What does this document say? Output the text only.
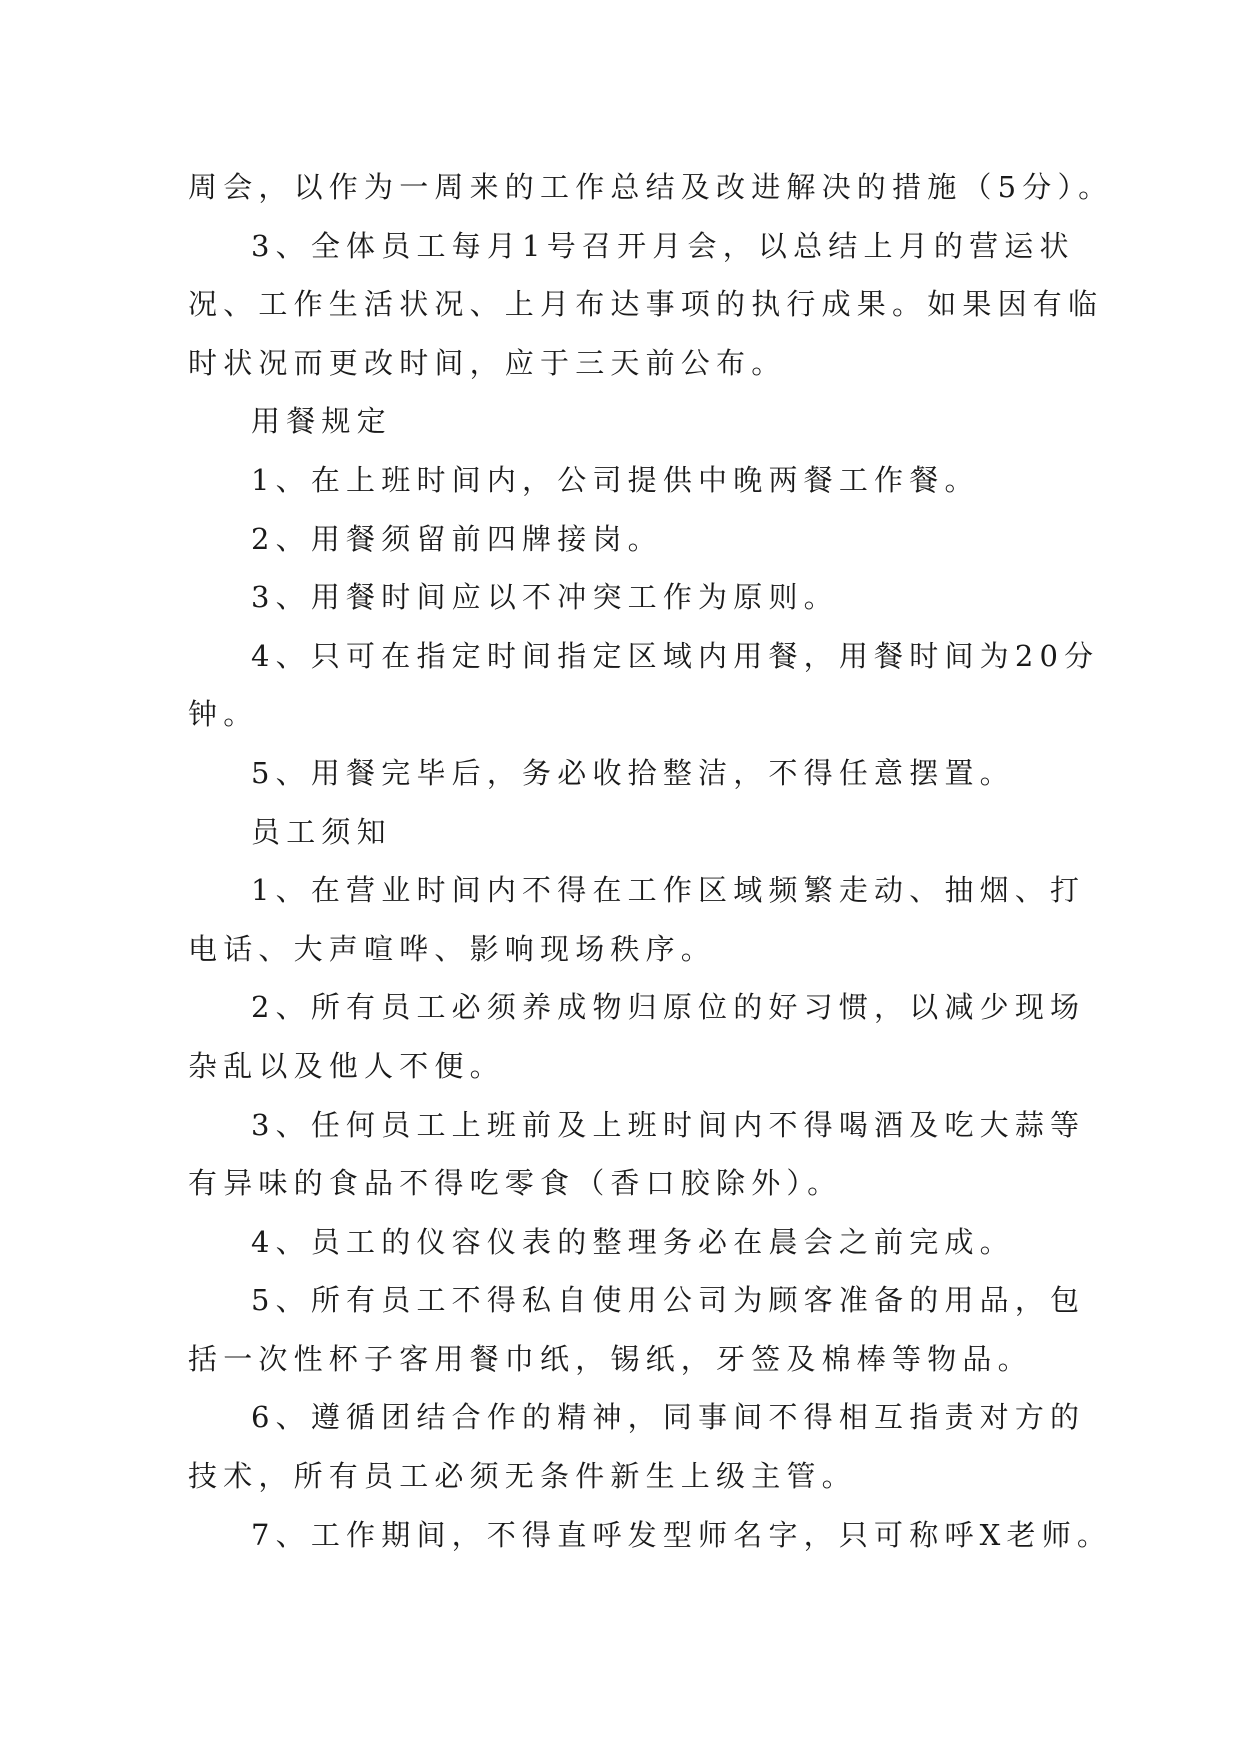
周会，以作为一周来的工作总结及改进解决的措施（5分）。

3、全体员工每月1号召开月会，以总结上月的营运状

况、工作生活状况、上月布达事项的执行成果。如果因有临

时状况而更改时间，应于三天前公布。

用餐规定

1、在上班时间内，公司提供中晚两餐工作餐。

2、用餐须留前四牌接岗。

3、用餐时间应以不冲突工作为原则。

4、只可在指定时间指定区域内用餐，用餐时间为20分

钟。

5、用餐完毕后，务必收拾整洁，不得任意摆置。

员工须知

1、在营业时间内不得在工作区域频繁走动、抽烟、打

电话、大声喧哗、影响现场秩序。

2、所有员工必须养成物归原位的好习惯，以减少现场

杂乱以及他人不便。

3、任何员工上班前及上班时间内不得喝酒及吃大蒜等

有异味的食品不得吃零食（香口胶除外）。

4、员工的仪容仪表的整理务必在晨会之前完成。

5、所有员工不得私自使用公司为顾客准备的用品，包

括一次性杯子客用餐巾纸，锡纸，牙签及棉棒等物品。

6、遵循团结合作的精神，同事间不得相互指责对方的

技术，所有员工必须无条件新生上级主管。

7、工作期间，不得直呼发型师名字，只可称呼X老师。
